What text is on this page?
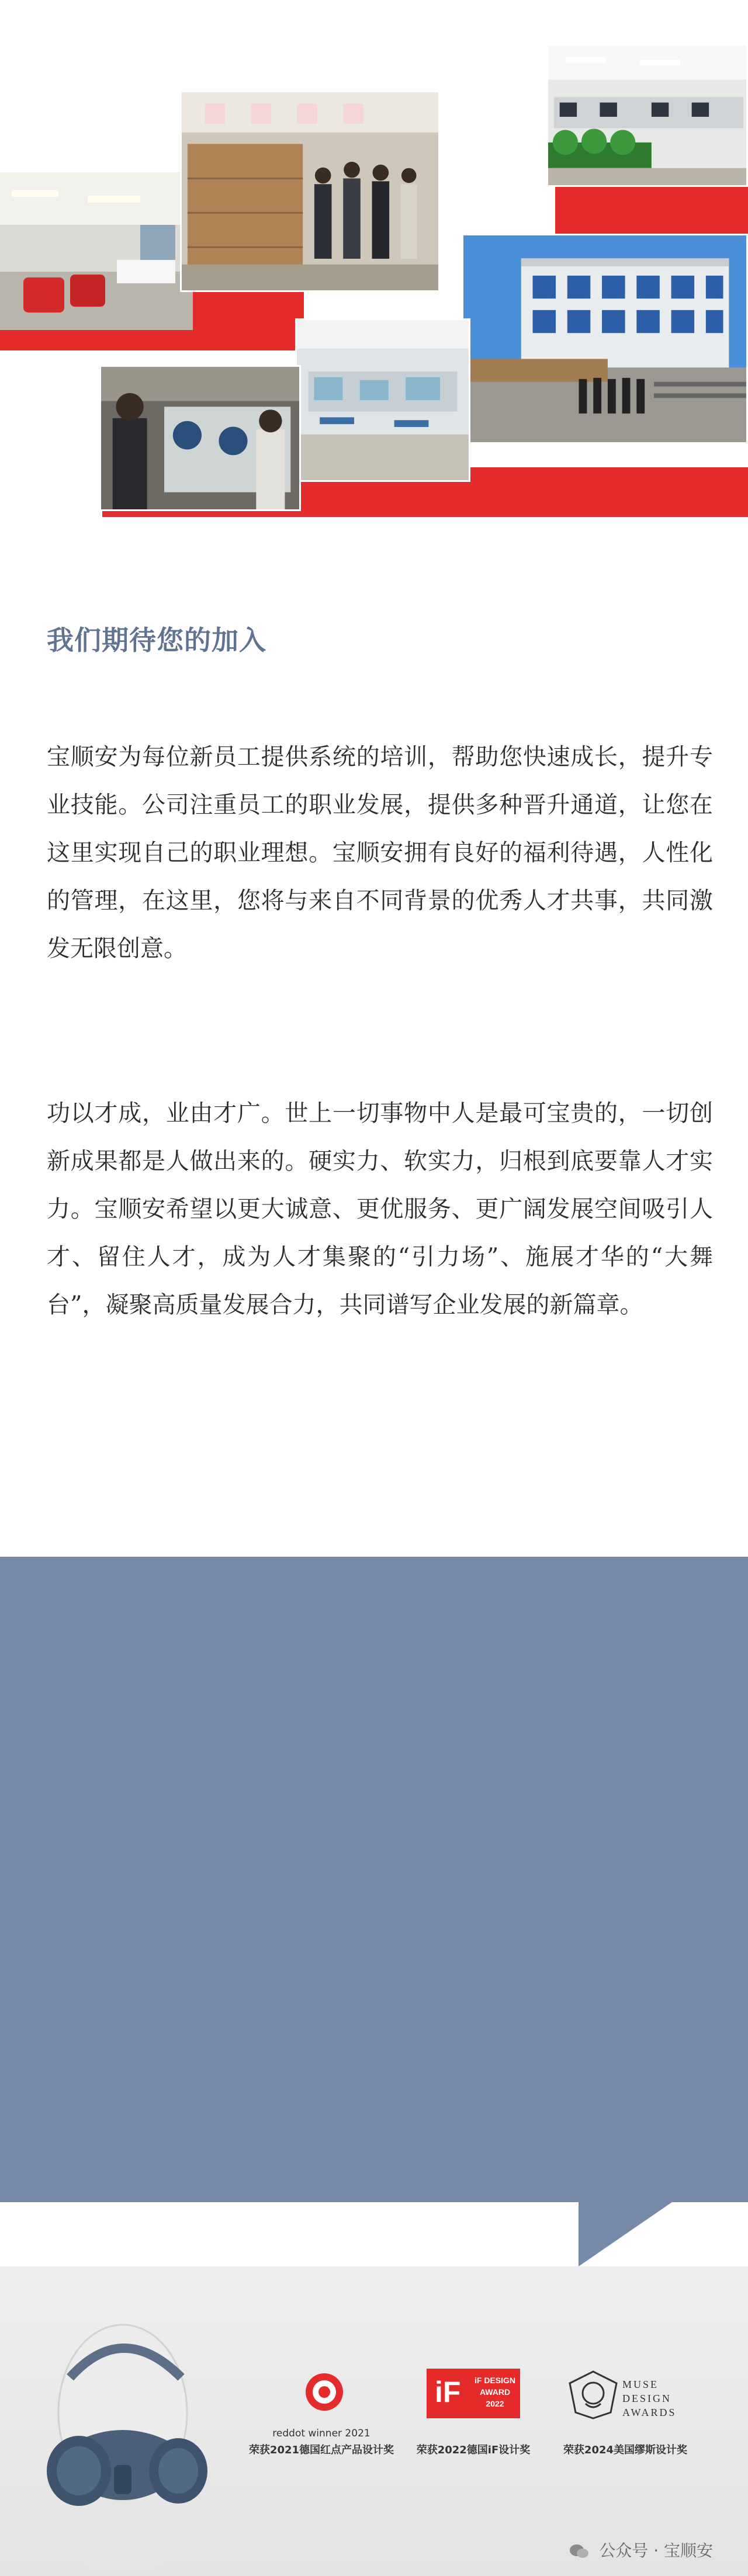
我们期待您的加入

宝顺安为每位新员工提供系统的培训，帮助您快速成长，提升专业技能。公司注重员工的职业发展，提供多种晋升通道，让您在这里实现自己的职业理想。宝顺安拥有良好的福利待遇，人性化的管理，在这里，您将与来自不同背景的优秀人才共事，共同激发无限创意。

功以才成，业由才广。世上一切事物中人是最可宝贵的，一切创新成果都是人做出来的。硬实力、软实力，归根到底要靠人才实力。宝顺安希望以更大诚意、更优服务、更广阔发展空间吸引人才、留住人才，成为人才集聚的“引力场”、施展才华的“大舞台”，凝聚高质量发展合力，共同谱写企业发展的新篇章。

reddot winner 2021
荣获2021德国红点产品设计奖
iF iF DESIGN AWARD 2022
荣获2022德国iF设计奖
MUSE DESIGN AWARDS
荣获2024美国缪斯设计奖
公众号 · 宝顺安
